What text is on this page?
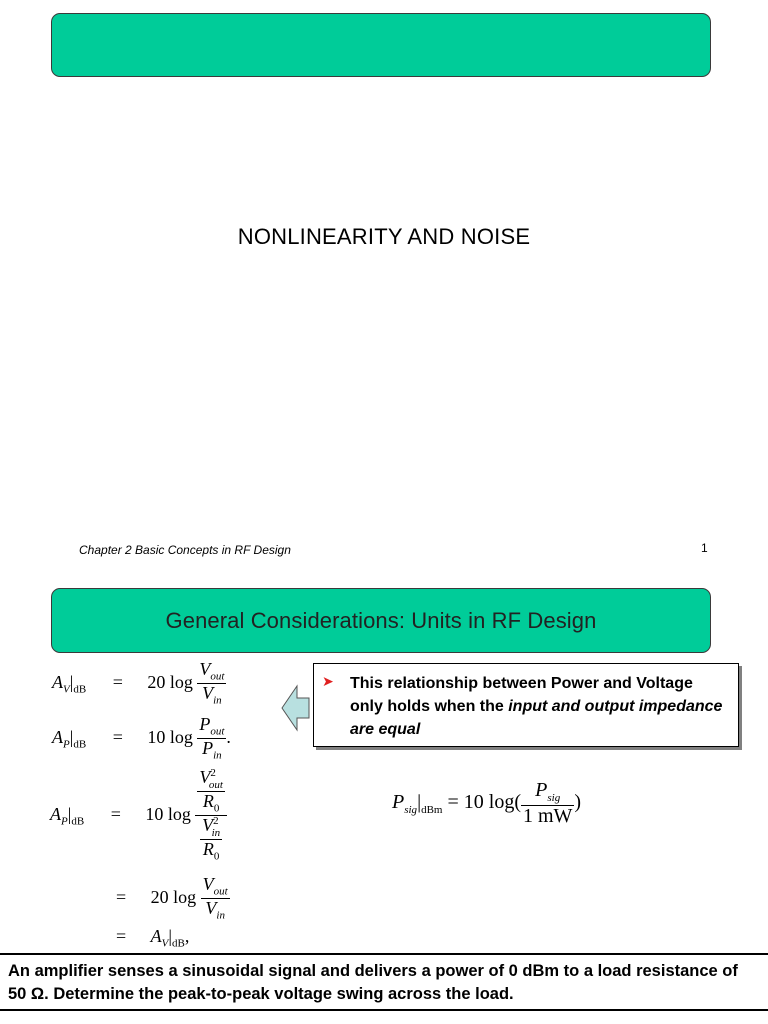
NONLINEARITY AND NOISE
Chapter 2 Basic Concepts in RF Design	1
General Considerations: Units in RF Design
$A_V|_{dB} = 20$ $\log \frac{V_{out}}{V_{in}}$
$A_P|_{dB} = 10$ $\log \frac{P_{out}}{P_{in}}$ .
$A_P|_{dB} = 10$ $\log \frac{\frac{V^2_{out}}{R_0}}{\frac{V^2_{in}}{R_0}}$
= 20 $\log \frac{V_{out}}{V_{in}}$
= $A_V|_{dB}$,
➤ This relationship between Power and Voltage only holds when the input and output impedance are equal
$P_{sig}|_{dBm} = 10$ $\log( \frac{P_{sig}}{1 mW}$ )
An amplifier senses a sinusoidal signal and delivers a power of 0 dBm to a load resistance of 50 Ω. Determine the peak-to-peak voltage swing across the load.
